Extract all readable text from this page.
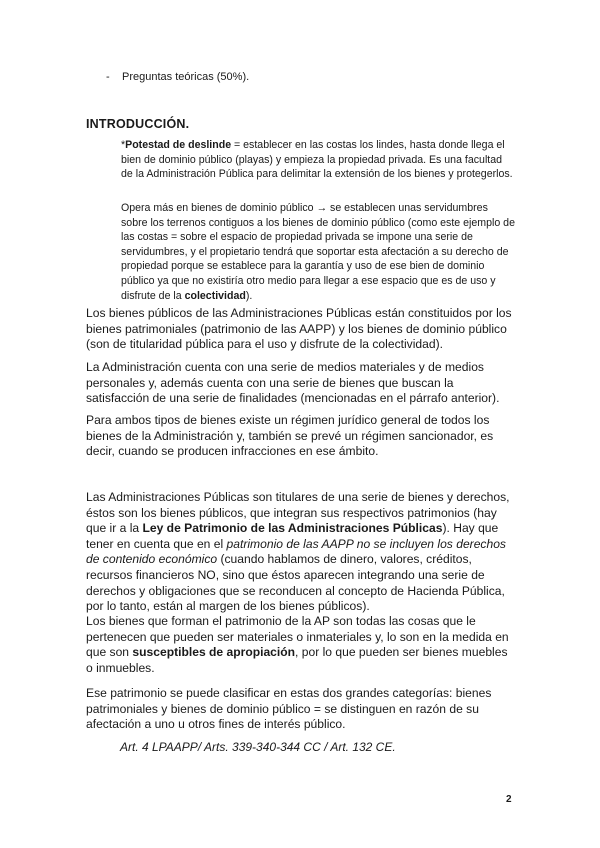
- Preguntas teóricas (50%).

INTRODUCCIÓN.

*Potestad de deslinde = establecer en las costas los lindes, hasta donde llega el bien de dominio público (playas) y empieza la propiedad privada. Es una facultad de la Administración Pública para delimitar la extensión de los bienes y protegerlos.

Opera más en bienes de dominio público → se establecen unas servidumbres sobre los terrenos contiguos a los bienes de dominio público (como este ejemplo de las costas = sobre el espacio de propiedad privada se impone una serie de servidumbres, y el propietario tendrá que soportar esta afectación a su derecho de propiedad porque se establece para la garantía y uso de ese bien de dominio público ya que no existiría otro medio para llegar a ese espacio que es de uso y disfrute de la colectividad).

Los bienes públicos de las Administraciones Públicas están constituidos por los bienes patrimoniales (patrimonio de las AAPP) y los bienes de dominio público (son de titularidad pública para el uso y disfrute de la colectividad).

La Administración cuenta con una serie de medios materiales y de medios personales y, además cuenta con una serie de bienes que buscan la satisfacción de una serie de finalidades (mencionadas en el párrafo anterior).

Para ambos tipos de bienes existe un régimen jurídico general de todos los bienes de la Administración y, también se prevé un régimen sancionador, es decir, cuando se producen infracciones en ese ámbito.

Las Administraciones Públicas son titulares de una serie de bienes y derechos, éstos son los bienes públicos, que integran sus respectivos patrimonios (hay que ir a la Ley de Patrimonio de las Administraciones Públicas). Hay que tener en cuenta que en el patrimonio de las AAPP no se incluyen los derechos de contenido económico (cuando hablamos de dinero, valores, créditos, recursos financieros NO, sino que éstos aparecen integrando una serie de derechos y obligaciones que se reconducen al concepto de Hacienda Pública, por lo tanto, están al margen de los bienes públicos).

Los bienes que forman el patrimonio de la AP son todas las cosas que le pertenecen que pueden ser materiales o inmateriales y, lo son en la medida en que son susceptibles de apropiación, por lo que pueden ser bienes muebles o inmuebles.

Ese patrimonio se puede clasificar en estas dos grandes categorías: bienes patrimoniales y bienes de dominio público = se distinguen en razón de su afectación a uno u otros fines de interés público.

Art. 4 LPAAPP/ Arts. 339-340-344 CC / Art. 132 CE.

2
